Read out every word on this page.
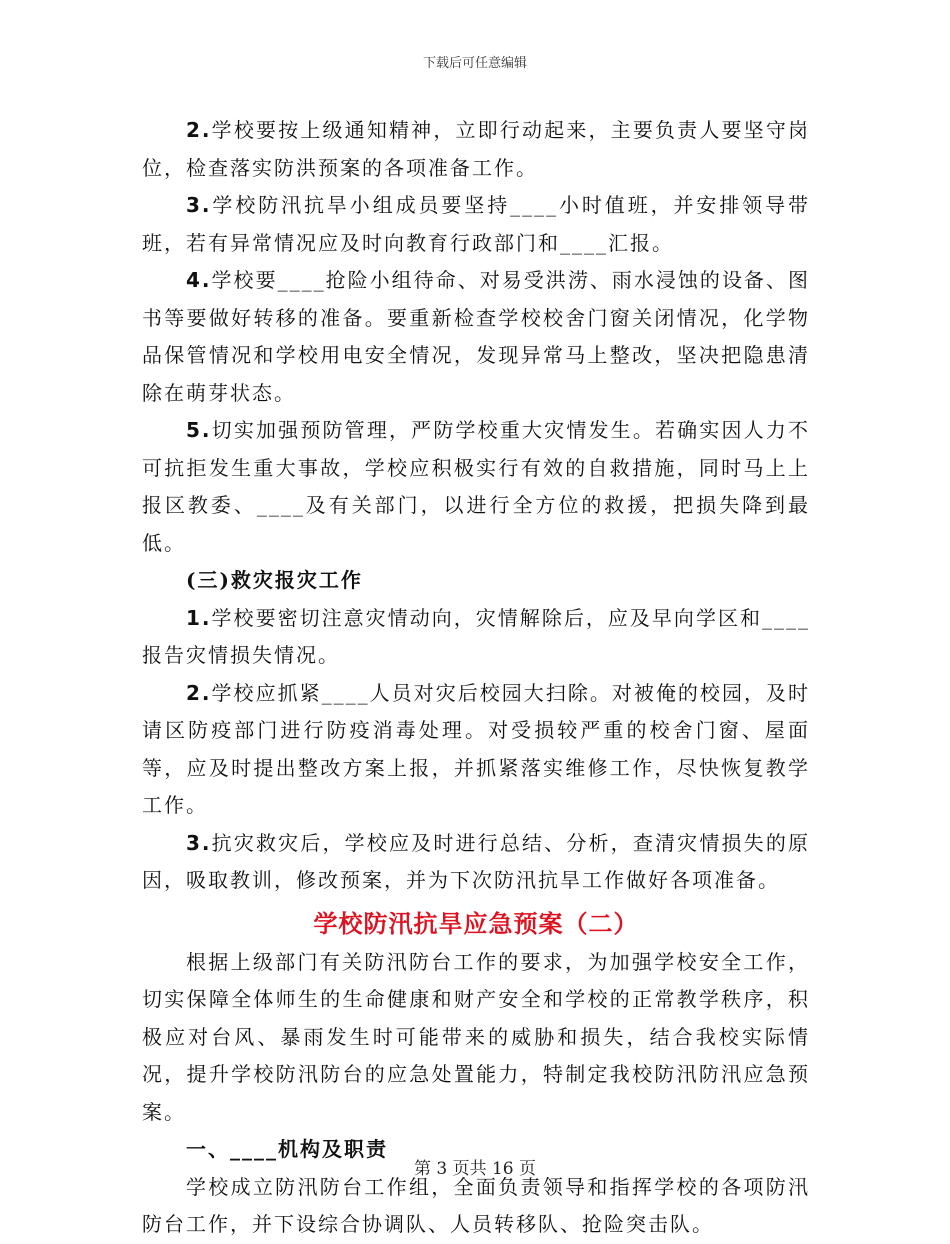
下载后可任意编辑

2.学校要按上级通知精神，立即行动起来，主要负责人要坚守岗位，检查落实防洪预案的各项准备工作。

3.学校防汛抗旱小组成员要坚持____小时值班，并安排领导带班，若有异常情况应及时向教育行政部门和____汇报。

4.学校要____抢险小组待命、对易受洪涝、雨水浸蚀的设备、图书等要做好转移的准备。要重新检查学校校舍门窗关闭情况，化学物品保管情况和学校用电安全情况，发现异常马上整改，坚决把隐患清除在萌芽状态。

5.切实加强预防管理，严防学校重大灾情发生。若确实因人力不可抗拒发生重大事故，学校应积极实行有效的自救措施，同时马上上报区教委、____及有关部门，以进行全方位的救援，把损失降到最低。

(三)救灾报灾工作

1.学校要密切注意灾情动向，灾情解除后，应及早向学区和____报告灾情损失情况。

2.学校应抓紧____人员对灾后校园大扫除。对被俺的校园，及时请区防疫部门进行防疫消毒处理。对受损较严重的校舍门窗、屋面等，应及时提出整改方案上报，并抓紧落实维修工作，尽快恢复教学工作。

3.抗灾救灾后，学校应及时进行总结、分析，查清灾情损失的原因，吸取教训，修改预案，并为下次防汛抗旱工作做好各项准备。

学校防汛抗旱应急预案（二）

根据上级部门有关防汛防台工作的要求，为加强学校安全工作，切实保障全体师生的生命健康和财产安全和学校的正常教学秩序，积极应对台风、暴雨发生时可能带来的威胁和损失，结合我校实际情况，提升学校防汛防台的应急处置能力，特制定我校防汛防汛应急预案。

一、____机构及职责

学校成立防汛防台工作组，全面负责领导和指挥学校的各项防汛防台工作，并下设综合协调队、人员转移队、抢险突击队。

第 3 页共 16 页
